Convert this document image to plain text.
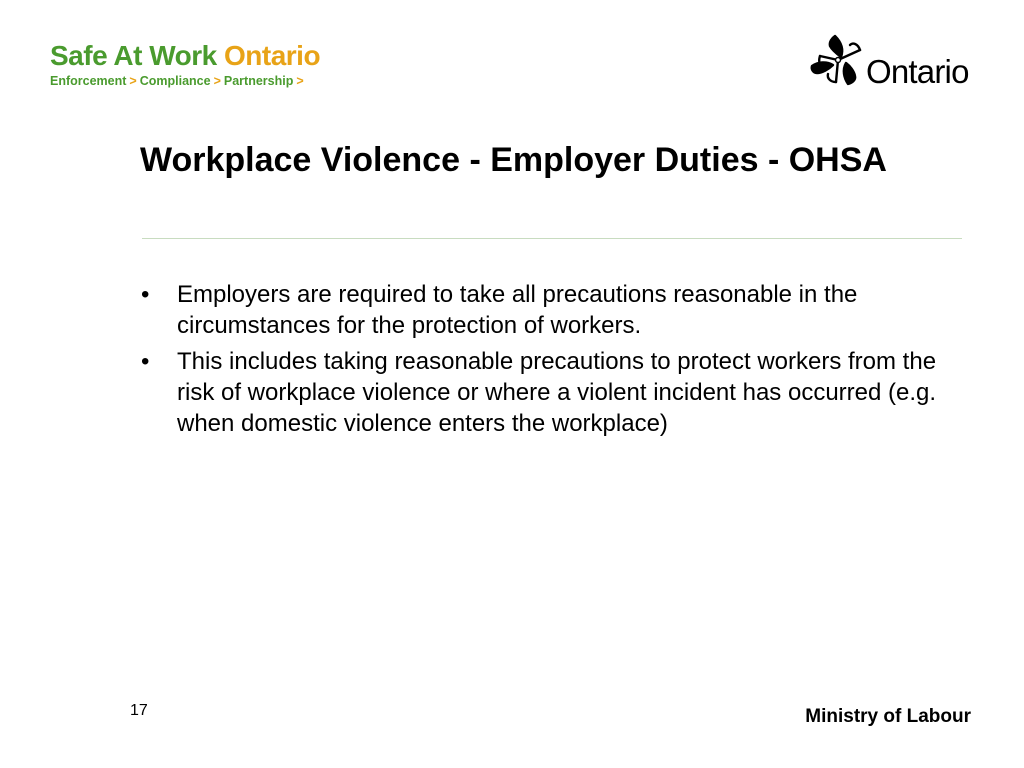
Safe At Work Ontario
Enforcement > Compliance > Partnership >	Ontario
Workplace Violence - Employer Duties - OHSA
• Employers are required to take all precautions reasonable in the circumstances for the protection of workers.
• This includes taking reasonable precautions to protect workers from the risk of workplace violence or where a violent incident has occurred (e.g. when domestic violence enters the workplace)
17	Ministry of Labour
